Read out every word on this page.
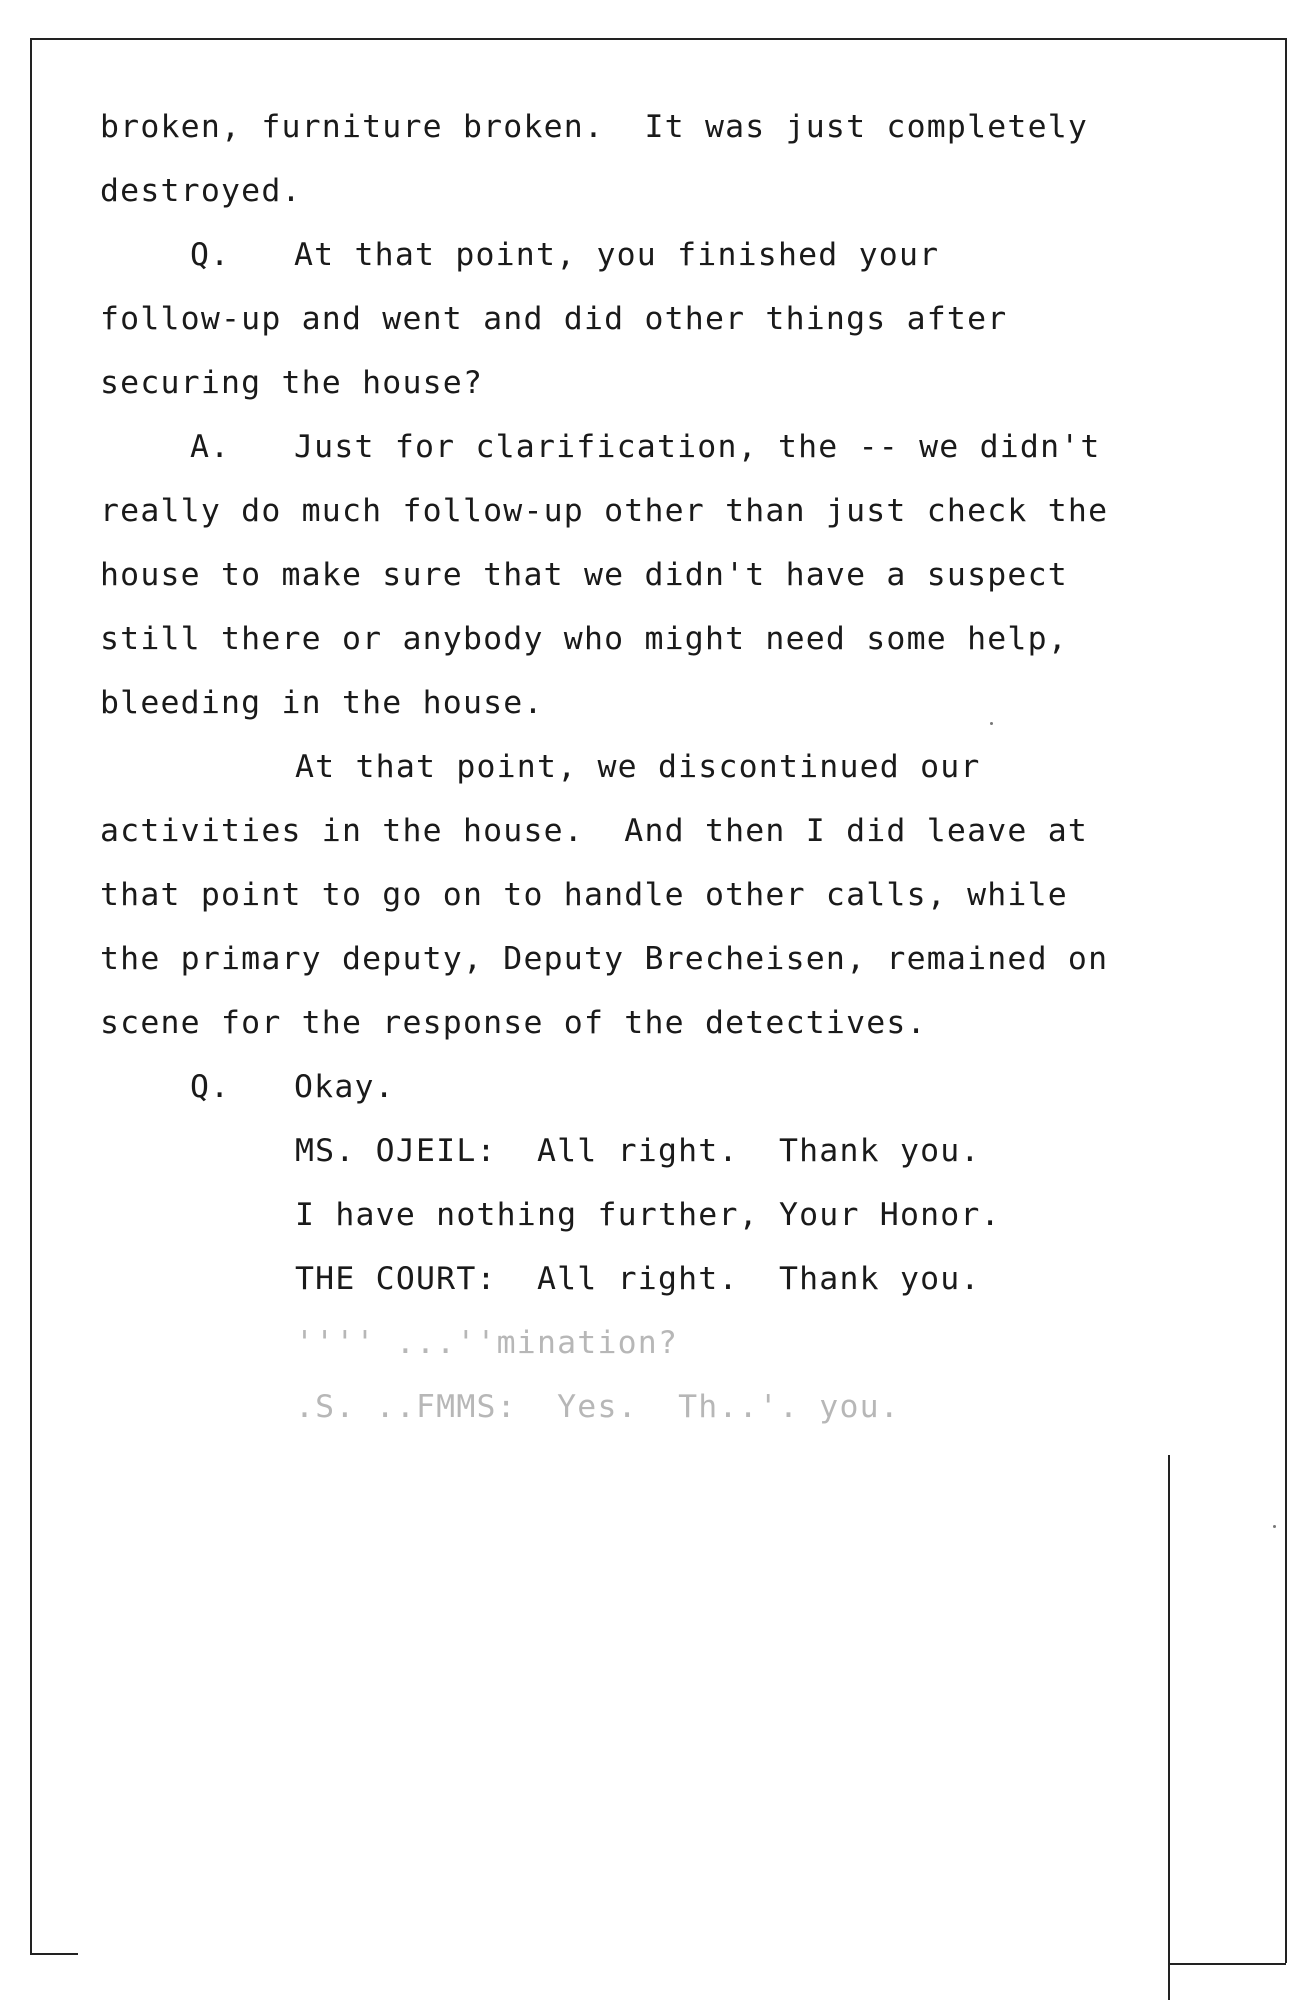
broken, furniture broken.  It was just completely
destroyed.
Q. At that point, you finished your
follow-up and went and did other things after
securing the house?
A. Just for clarification, the -- we didn't
really do much follow-up other than just check the
house to make sure that we didn't have a suspect
still there or anybody who might need some help,
bleeding in the house.
At that point, we discontinued our
activities in the house.  And then I did leave at
that point to go on to handle other calls, while
the primary deputy, Deputy Brecheisen, remained on
scene for the response of the detectives.
Q. Okay.
MS. OJEIL:  All right.  Thank you.
I have nothing further, Your Honor.
THE COURT:  All right.  Thank you.
'''' ...''mination?
.S. ..FMMS:  Yes.  Th..'. you.
